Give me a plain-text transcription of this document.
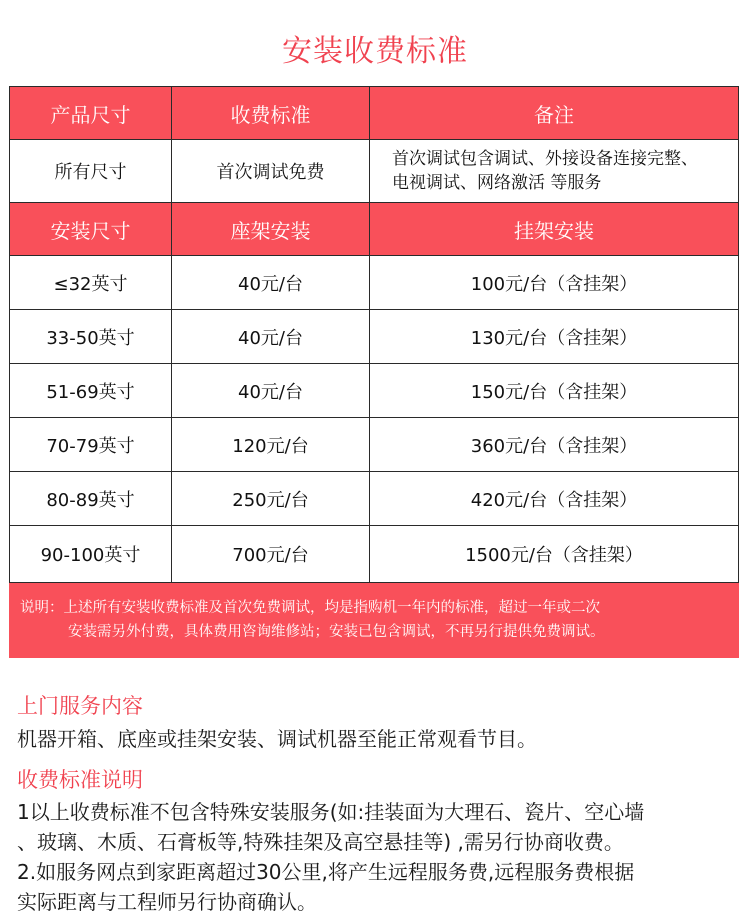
安装收费标准
产品尺寸	收费标准	备注
所有尺寸	首次调试免费	首次调试包含调试、外接设备连接完整、
电视调试、网络激活 等服务

安装尺寸	座架安装	挂架安装
≤32英寸	40元/台	100元/台（含挂架）
33-50英寸	40元/台	130元/台（含挂架）
51-69英寸	40元/台	150元/台（含挂架）
70-79英寸	120元/台	360元/台（含挂架）
80-89英寸	250元/台	420元/台（含挂架）
90-100英寸	700元/台	1500元/台（含挂架）
说明：上述所有安装收费标准及首次免费调试，均是指购机一年内的标准，超过一年或二次
安装需另外付费，具体费用咨询维修站；安装已包含调试，不再另行提供免费调试。		
上门服务内容
机器开箱、底座或挂架安装、调试机器至能正常观看节目。
收费标准说明
1以上收费标准不包含特殊安装服务(如:挂装面为大理石、瓷片、空心墙
、玻璃、木质、石膏板等,特殊挂架及高空悬挂等) ,需另行协商收费。
2.如服务网点到家距离超过30公里,将产生远程服务费,远程服务费根据
实际距离与工程师另行协商确认。
